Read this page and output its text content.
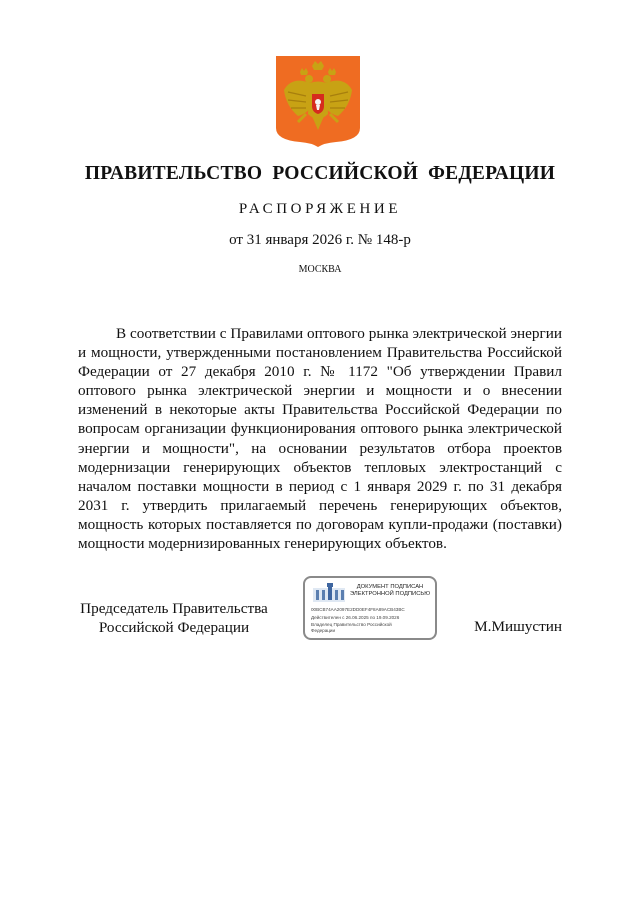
ПРАВИТЕЛЬСТВО РОССИЙСКОЙ ФЕДЕРАЦИИ
РАСПОРЯЖЕНИЕ
от 31 января 2026 г. № 148-р
МОСКВА
В соответствии с Правилами оптового рынка электрической энергии и мощности, утвержденными постановлением Правительства Российской Федерации от 27 декабря 2010 г. № 1172 "Об утверждении Правил оптового рынка электрической энергии и мощности и о внесении изменений в некоторые акты Правительства Российской Федерации по вопросам организации функционирования оптового рынка электрической энергии и мощности", на основании результатов отбора проектов модернизации генерирующих объектов тепловых электростанций с началом поставки мощности в период с 1 января 2029 г. по 31 декабря 2031 г. утвердить прилагаемый перечень генерирующих объектов, мощность которых поставляется по договорам купли-продажи (поставки) мощности модернизированных генерирующих объектов.
Председатель Правительства Российской Федерации
ДОКУМЕНТ ПОДПИСАН ЭЛЕКТРОННОЙ ПОДПИСЬЮ
00BCB74AA2097E2DD0EF4F8A89ACB43BC
Действителен с 26.06.2025 по 19.09.2026
Владелец Правительство Российской Федерации	М.Мишустин
